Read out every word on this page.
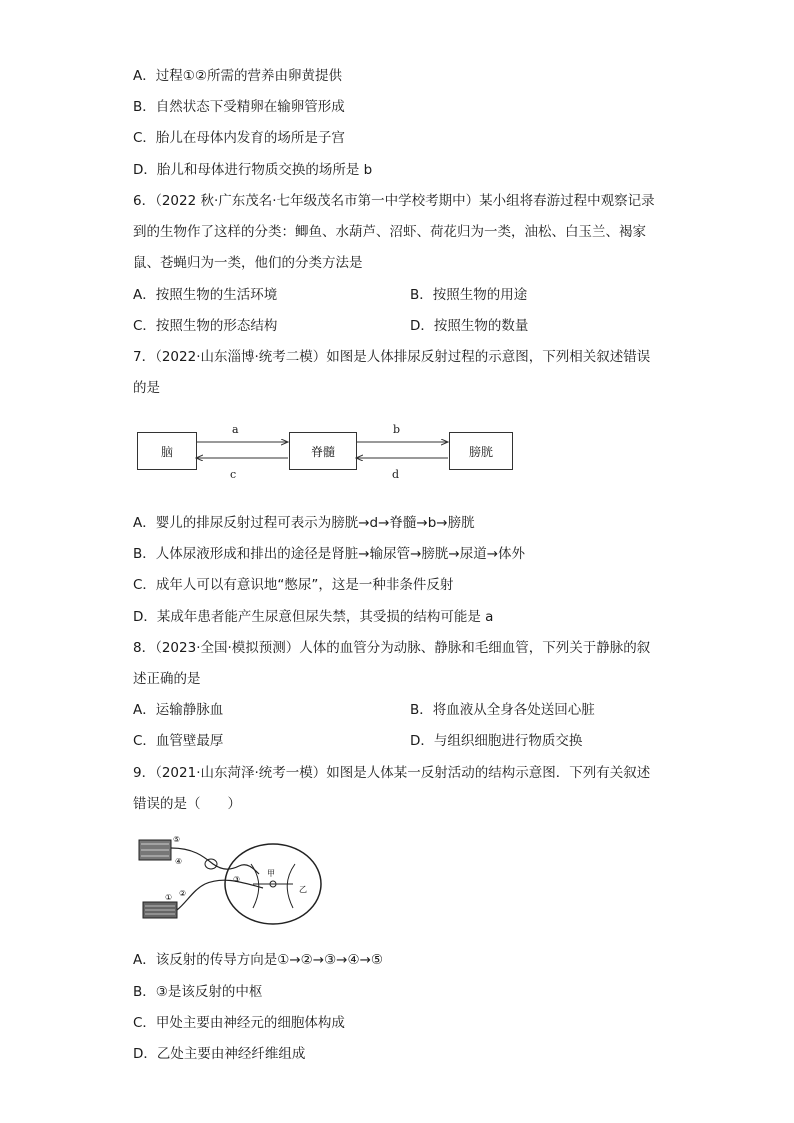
A．过程①②所需的营养由卵黄提供
B．自然状态下受精卵在输卵管形成
C．胎儿在母体内发育的场所是子宫
D．胎儿和母体进行物质交换的场所是 b
6．（2022 秋·广东茂名·七年级茂名市第一中学校考期中）某小组将春游过程中观察记录
到的生物作了这样的分类：鲫鱼、水葫芦、沼虾、荷花归为一类，油松、白玉兰、褐家
鼠、苍蝇归为一类，他们的分类方法是
A．按照生物的生活环境	B．按照生物的用途
C．按照生物的形态结构	D．按照生物的数量
7．（2022·山东淄博·统考二模）如图是人体排尿反射过程的示意图，下列相关叙述错误
的是
脑	脊髓	膀胱
a
c
b
d
A．婴儿的排尿反射过程可表示为膀胱→d→脊髓→b→膀胱
B．人体尿液形成和排出的途径是肾脏→输尿管→膀胱→尿道→体外
C．成年人可以有意识地“憋尿”，这是一种非条件反射
D．某成年患者能产生尿意但尿失禁，其受损的结构可能是 a
8．（2023·全国·模拟预测）人体的血管分为动脉、静脉和毛细血管，下列关于静脉的叙
述正确的是
A．运输静脉血	B．将血液从全身各处送回心脏
C．血管壁最厚	D．与组织细胞进行物质交换
9．（2021·山东菏泽·统考一模）如图是人体某一反射活动的结构示意图．下列有关叙述
错误的是（　　）
⑤
④
① ②
③
甲
乙
A．该反射的传导方向是①→②→③→④→⑤
B．③是该反射的中枢
C．甲处主要由神经元的细胞体构成
D．乙处主要由神经纤维组成
